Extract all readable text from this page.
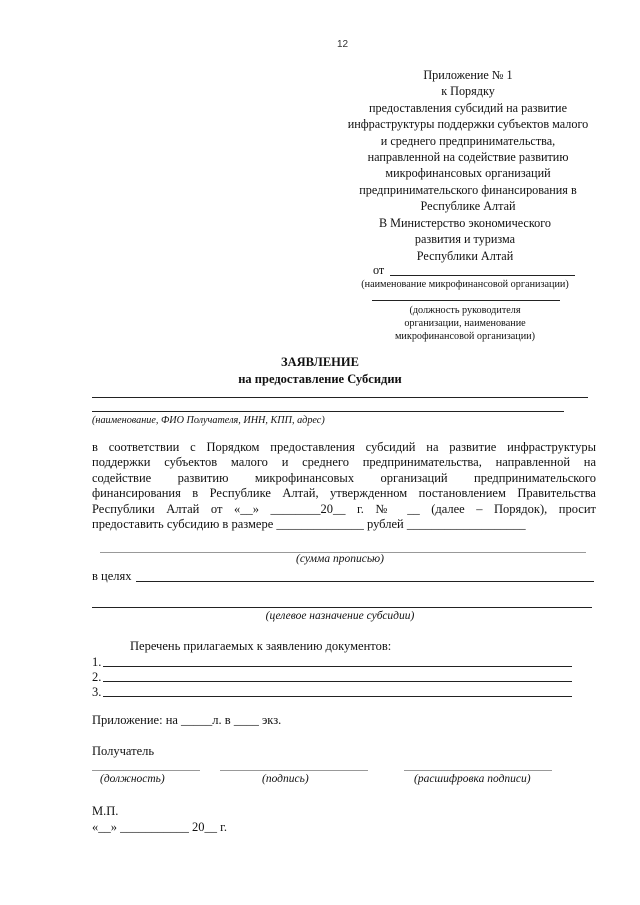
12
Приложение № 1
к Порядку
предоставления субсидий на развитие
инфраструктуры поддержки субъектов малого
и среднего предпринимательства,
направленной на содействие развитию
микрофинансовых организаций
предпринимательского финансирования в
Республике Алтай
В Министерство экономического
развития и туризма
Республики Алтай
от
(наименование микрофинансовой организации)
(должность руководителя
организации, наименование
микрофинансовой организации)
ЗАЯВЛЕНИЕ
на предоставление Субсидии
(наименование, ФИО Получателя, ИНН, КПП, адрес)
в соответствии с Порядком предоставления субсидий на развитие инфраструктуры
поддержки субъектов малого и среднего предпринимательства, направленной на
содействие развитию микрофинансовых организаций предпринимательского
финансирования в Республике Алтай, утвержденном постановлением Правительства
Республики Алтай от «__» ________20__ г. № __ (далее – Порядок), просит
предоставить субсидию в размере ______________ рублей ___________________
(сумма прописью)
в целях
(целевое назначение субсидии)
Перечень прилагаемых к заявлению документов:
1.
2.
3.
Приложение: на _____л. в ____ экз.
Получатель
(должность)	(подпись)	(расшифровка подписи)
М.П.
«__» ___________ 20__ г.
